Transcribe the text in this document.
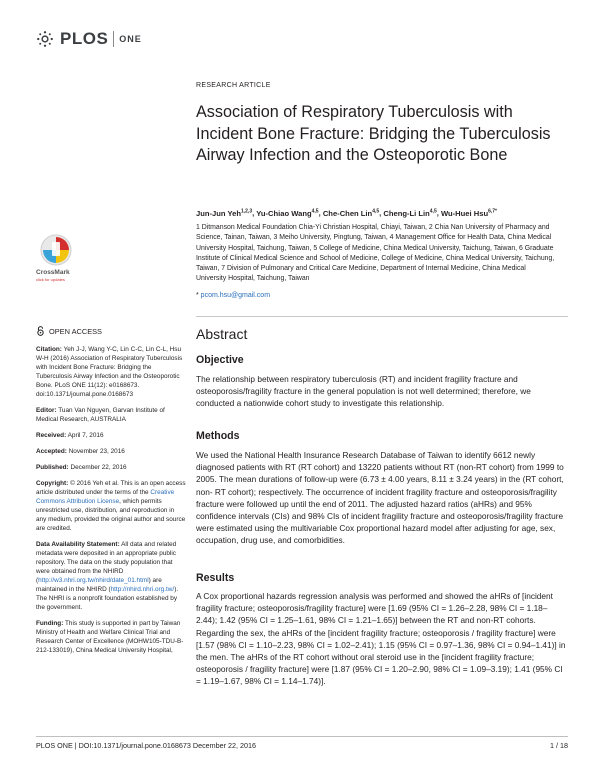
PLOS ONE
CrossMark
click for updates
OPEN ACCESS

Citation: Yeh J-J, Wang Y-C, Lin C-C, Lin C-L, Hsu W-H (2016) Association of Respiratory Tuberculosis with Incident Bone Fracture: Bridging the Tuberculosis Airway Infection and the Osteoporotic Bone. PLoS ONE 11(12): e0168673. doi:10.1371/journal.pone.0168673

Editor: Tuan Van Nguyen, Garvan Institute of Medical Research, AUSTRALIA

Received: April 7, 2016

Accepted: November 23, 2016

Published: December 22, 2016

Copyright: © 2016 Yeh et al. This is an open access article distributed under the terms of the Creative Commons Attribution License, which permits unrestricted use, distribution, and reproduction in any medium, provided the original author and source are credited.

Data Availability Statement: All data and related metadata were deposited in an appropriate public repository. The data on the study population that were obtained from the NHIRD (http://w3.nhri.org.tw/nhird/date_01.html) are maintained in the NHIRD (http://nhird.nhri.org.tw/). The NHRI is a nonprofit foundation established by the government.

Funding: This study is supported in part by Taiwan Ministry of Health and Welfare Clinical Trial and Research Center of Excellence (MOHW105-TDU-B-212-133019), China Medical University Hospital,

RESEARCH ARTICLE
Association of Respiratory Tuberculosis with Incident Bone Fracture: Bridging the Tuberculosis Airway Infection and the Osteoporotic Bone
Jun-Jun Yeh$^{1,2,3}$, Yu-Chiao Wang$^{4,5}$, Che-Chen Lin$^{4,5}$, Cheng-Li Lin$^{4,5}$, Wu-Huei Hsu$^{6,7*}$
1 Ditmanson Medical Foundation Chia-Yi Christian Hospital, Chiayi, Taiwan, 2 Chia Nan University of Pharmacy and Science, Tainan, Taiwan, 3 Meiho University, Pingtung, Taiwan, 4 Management Office for Health Data, China Medical University Hospital, Taichung, Taiwan, 5 College of Medicine, China Medical University, Taichung, Taiwan, 6 Graduate Institute of Clinical Medical Science and School of Medicine, College of Medicine, China Medical University, Taichung, Taiwan, 7 Division of Pulmonary and Critical Care Medicine, Department of Internal Medicine, China Medical University Hospital, Taichung, Taiwan
* pcom.hsu@gmail.com
Abstract
Objective

The relationship between respiratory tuberculosis (RT) and incident fragility fracture and osteoporosis/fragility fracture in the general population is not well determined; therefore, we conducted a nationwide cohort study to investigate this relationship.

Methods

We used the National Health Insurance Research Database of Taiwan to identify 6612 newly diagnosed patients with RT (RT cohort) and 13220 patients without RT (non-RT cohort) from 1999 to 2005. The mean durations of follow-up were (6.73 ± 4.00 years, 8.11 ± 3.24 years) in the (RT cohort, non- RT cohort); respectively. The occurrence of incident fragility fracture and osteoporosis/fragility fracture were followed up until the end of 2011. The adjusted hazard ratios (aHRs) and 95% confidence intervals (CIs) and 98% CIs of incident fragility fracture and osteoporosis/fragility fracture were estimated using the multivariable Cox proportional hazard model after adjusting for age, sex, occupation, drug use, and comorbidities.

Results

A Cox proportional hazards regression analysis was performed and showed the aHRs of [incident fragility fracture; osteoporosis/fragility fracture] were [1.69 (95% CI = 1.26–2.28, 98% CI = 1.18–2.44); 1.42 (95% CI = 1.25–1.61, 98% CI = 1.21–1.65)] between the RT and non-RT cohorts. Regarding the sex, the aHRs of the [incident fragility fracture; osteoporosis / fragility fracture] were [1.57 (98% CI = 1.10–2.23, 98% CI = 1.02–2.41); 1.15 (95% CI = 0.97–1.36, 98% CI = 0.94–1.41)] in the men. The aHRs of the RT cohort without oral steroid use in the [incident fragility fracture; osteoporosis / fragility fracture] were [1.87 (95% CI = 1.20–2.90, 98% CI = 1.09–3.19); 1.41 (95% CI = 1.19–1.67, 98% CI = 1.14–1.74)].

PLOS ONE | DOI:10.1371/journal.pone.0168673 December 22, 2016	1 / 18
